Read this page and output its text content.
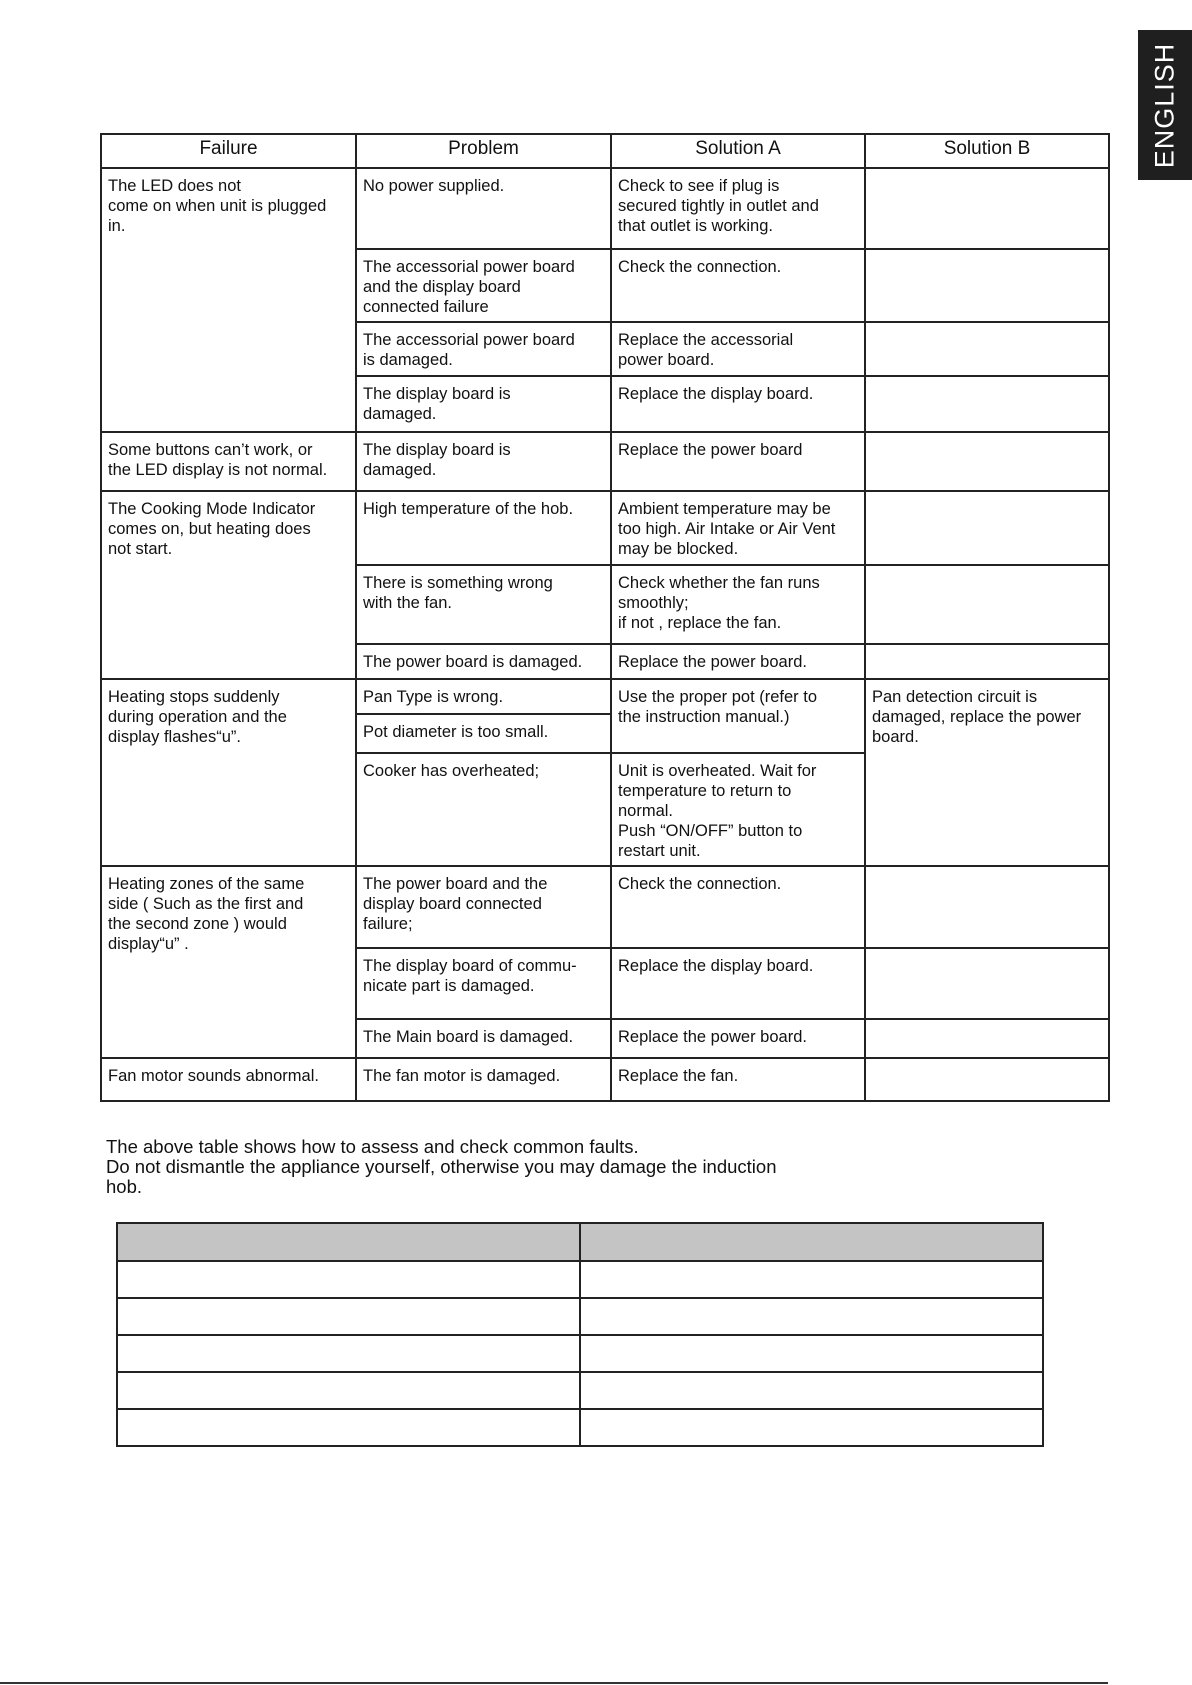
ENGLISH
Failure	Problem	Solution A	Solution B

The LED does not
come on when unit is plugged
in.	No power supplied.	Check to see if plug is
secured tightly in outlet and
that outlet is working.	

	The accessorial power board
and the display board
connected failure	Check the connection.	

	The accessorial power board
is damaged.	Replace the accessorial
power board.	

	The display board is
damaged.	Replace the display board.	

Some buttons can’t work, or
the LED display is not normal.	The display board is
damaged.	Replace the power board	

The Cooking Mode Indicator
comes on, but heating does
not start.	High temperature of the hob.	Ambient temperature may be
too high. Air Intake or Air Vent
may be blocked.	

	There is something wrong
with the fan.	Check whether the fan runs
smoothly;
if not , replace the fan.	

	The power board is damaged.	Replace the power board.	

Heating stops suddenly
during operation and the
display flashes“u”.	Pan Type is wrong.	Use the proper pot (refer to
the instruction manual.)	Pan detection circuit is
damaged, replace the power
board.

	Pot diameter is too small.		

	Cooker has overheated;	Unit is overheated. Wait for
temperature to return to
normal.
Push “ON/OFF” button to
restart unit.	

Heating zones of the same
side ( Such as the first and
the second zone ) would
display“u” .	The power board and the
display board connected
failure;	Check the connection.	

	The display board of commu-
nicate part is damaged.	Replace the display board.	

	The Main board is damaged.	Replace the power board.	

Fan motor sounds abnormal.	The fan motor is damaged.	Replace the fan.	

The above table shows how to assess and check common faults.
Do not dismantle the appliance yourself, otherwise you may damage the induction
hob.
